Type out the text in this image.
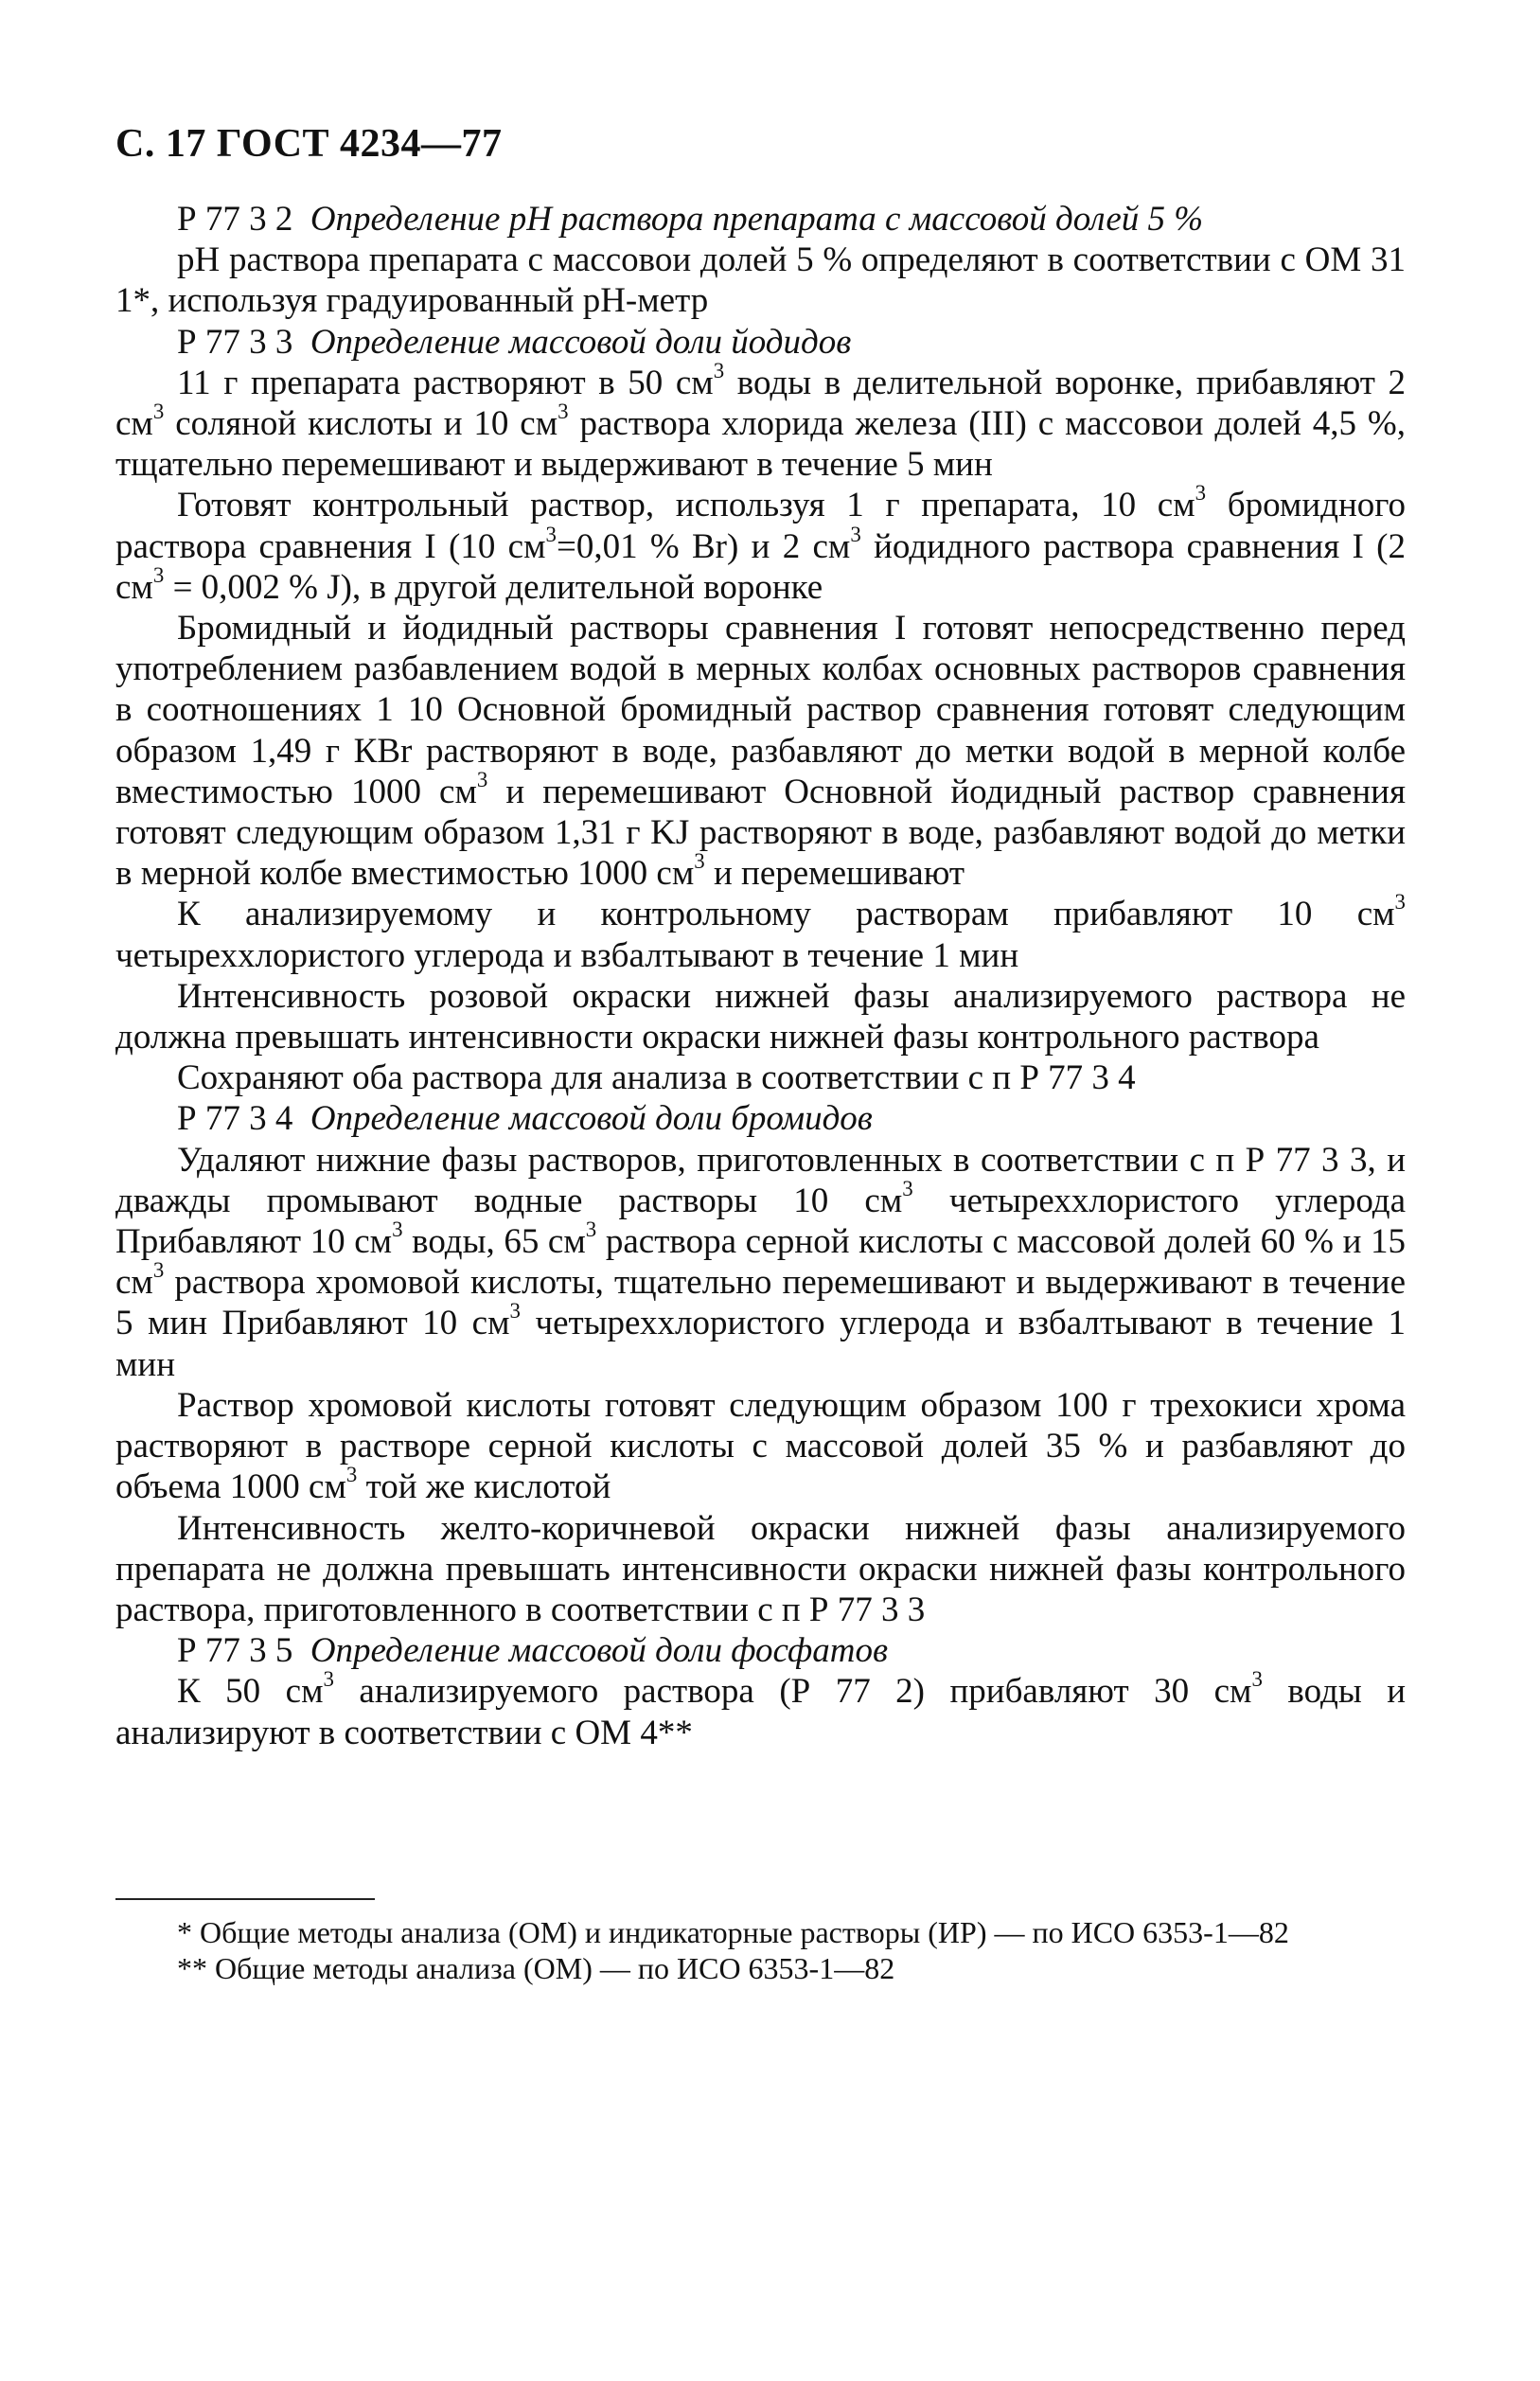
С. 17 ГОСТ 4234—77

Р 77 3 2 Определение pH раствора препарата с массовой долей 5 %

pH раствора препарата с массовои долей 5 % определяют в соответствии с ОМ 31 1*, используя градуированный pH-метр

Р 77 3 3 Определение массовой доли йодидов

11 г препарата растворяют в 50 $см^3$ воды в делительной воронке, прибавляют 2 $см^3$ соляной кислоты и 10 $см^3$ раствора хлорида железа (III) с массовои долей 4,5 %, тщательно перемешивают и выдерживают в течение 5 мин

Готовят контрольный раствор, используя 1 г препарата, 10 $см^3$ бромидного раствора сравнения I (10 $см^3=0,01$ % Br) и 2 $см^3$ йодидного раствора сравнения I (2 $см^3 = 0,002$ % J), в другой делительной воронке

Бромидный и йодидный растворы сравнения I готовят непосредственно перед употреблением разбавлением водой в мерных колбах основных растворов сравнения в соотношениях 1 10 Основной бромидный раствор сравнения готовят следующим образом 1,49 г КBr растворяют в воде, разбавляют до метки водой в мерной колбе вместимостью 1000 $см^3$ и перемешивают Основной йодидный раствор сравнения готовят следующим образом 1,31 г KJ растворяют в воде, разбавляют водой до метки в мерной колбе вместимостью 1000 $см^3$ и перемешивают

К анализируемому и контрольному растворам прибавляют 10 $см^3$ четыреххлористого углерода и взбалтывают в течение 1 мин

Интенсивность розовой окраски нижней фазы анализируемого раствора не должна превышать интенсивности окраски нижней фазы контрольного раствора

Сохраняют оба раствора для анализа в соответствии с п Р 77 3 4

Р 77 3 4 Определение массовой доли бромидов

Удаляют нижние фазы растворов, приготовленных в соответствии с п Р 77 3 3, и дважды промывают водные растворы 10 $см^3$ четыреххлористого углерода Прибавляют 10 $см^3$ воды, 65 $см^3$ раствора серной кислоты с массовой долей 60 % и 15 $см^3$ раствора хромовой кислоты, тщательно перемешивают и выдерживают в течение 5 мин Прибавляют 10 $см^3$ четыреххлористого углерода и взбалтывают в течение 1 мин

Раствор хромовой кислоты готовят следующим образом 100 г трехокиси хрома растворяют в растворе серной кислоты с массовой долей 35 % и разбавляют до объема 1000 $см^3$ той же кислотой

Интенсивность желто-коричневой окраски нижней фазы анализируемого препарата не должна превышать интенсивности окраски нижней фазы контрольного раствора, приготовленного в соответствии с п Р 77 3 3

Р 77 3 5 Определение массовой доли фосфатов

К 50 $см^3$ анализируемого раствора (Р 77 2) прибавляют 30 $см^3$ воды и анализируют в соответствии с ОМ 4**

* Общие методы анализа (ОМ) и индикаторные растворы (ИР) — по ИСО 6353-1—82

** Общие методы анализа (ОМ) — по ИСО 6353-1—82
